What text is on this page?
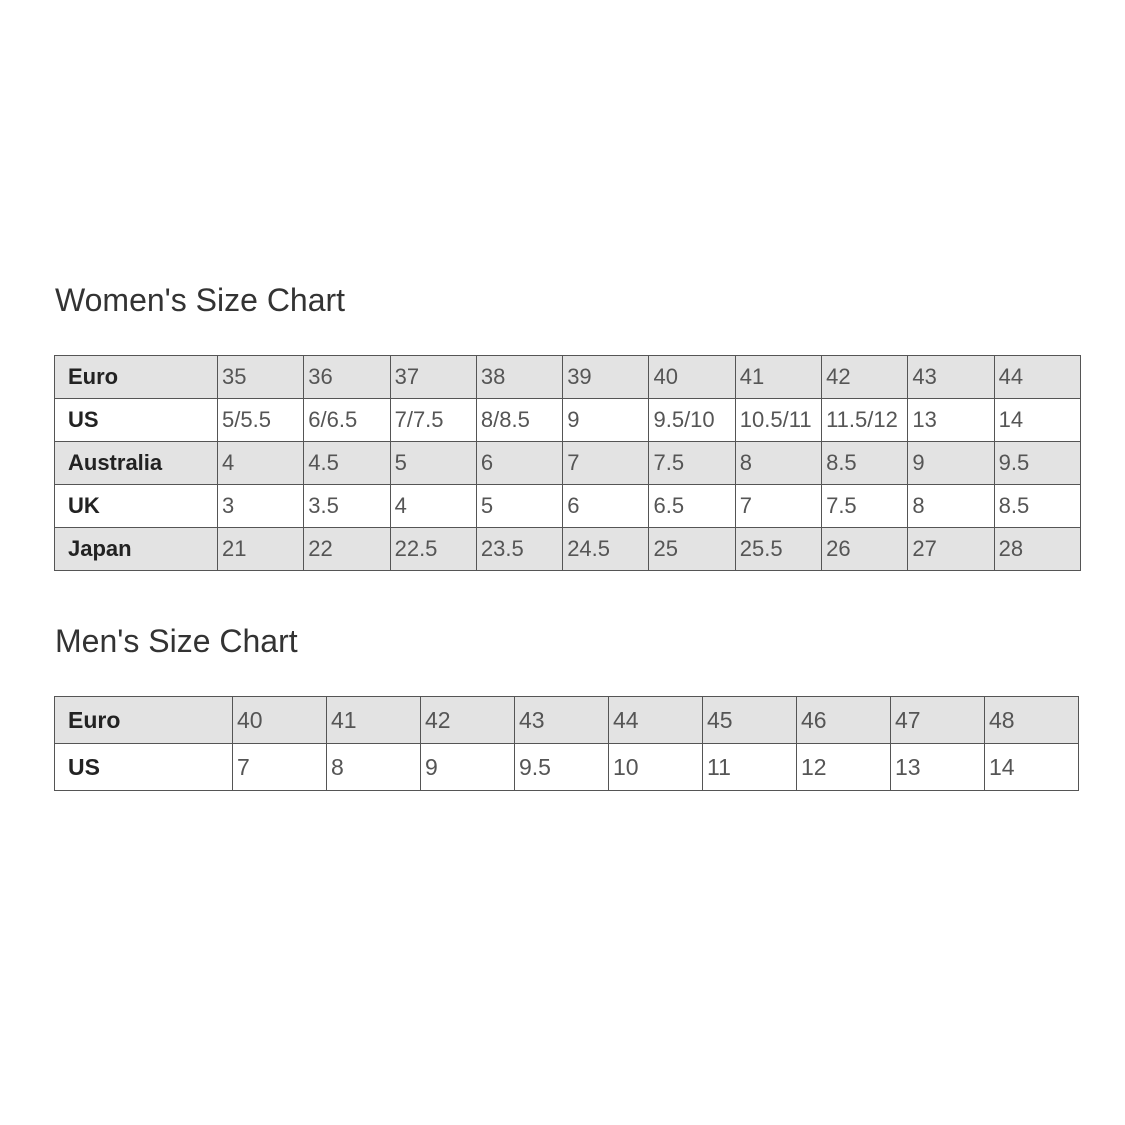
Women's Size Chart
Euro	35	36	37	38	39	40	41	42	43	44
US	5/5.5	6/6.5	7/7.5	8/8.5	9	9.5/10	10.5/11	11.5/12	13	14
Australia	4	4.5	5	6	7	7.5	8	8.5	9	9.5
UK	3	3.5	4	5	6	6.5	7	7.5	8	8.5
Japan	21	22	22.5	23.5	24.5	25	25.5	26	27	28
Men's Size Chart
Euro	40	41	42	43	44	45	46	47	48
US	7	8	9	9.5	10	11	12	13	14
